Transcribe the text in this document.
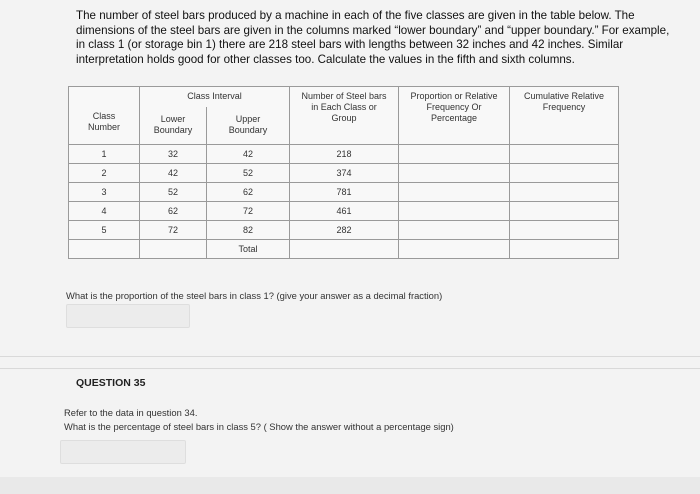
The number of steel bars produced by a machine in each of the five classes are given in the table below. The dimensions of the steel bars are given in the columns marked “lower boundary” and “upper boundary.” For example, in class 1 (or storage bin 1) there are 218 steel bars with lengths between 32 inches and 42 inches. Similar interpretation holds good for other classes too. Calculate the values in the fifth and sixth columns.
Class Number	Class Interval		Number of Steel bars in Each Class or Group	Proportion or Relative Frequency Or Percentage	Cumulative Relative Frequency
	Lower Boundary	Upper Boundary			
1	32	42	218		
2	42	52	374		
3	52	62	781		
4	62	72	461		
5	72	82	282		
		Total			
What is the proportion of the steel bars in class 1? (give your answer as a decimal fraction)
QUESTION 35
Refer to the data in question 34.
What is the percentage of steel bars in class 5? ( Show the answer without a percentage sign)
